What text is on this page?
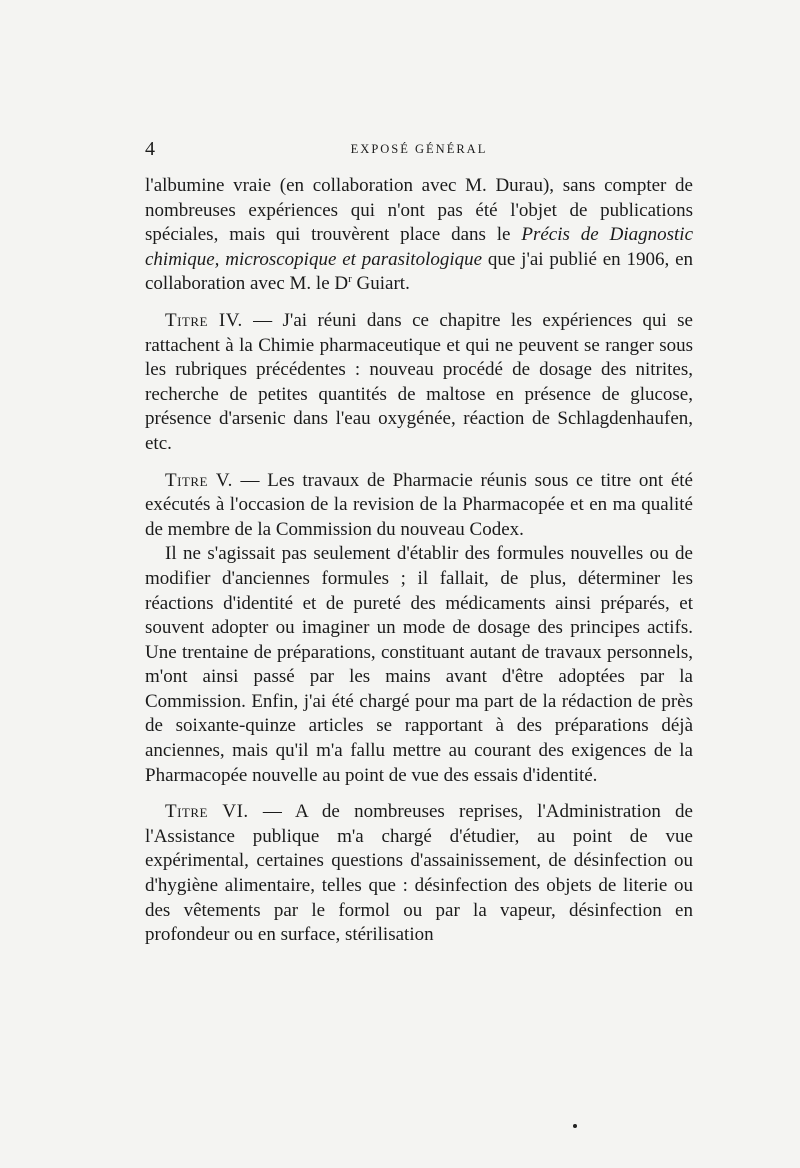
4	EXPOSÉ GÉNÉRAL

l'albumine vraie (en collaboration avec M. Durau), sans compter de nombreuses expériences qui n'ont pas été l'objet de publications spéciales, mais qui trouvèrent place dans le Précis de Diagnostic chimique, microscopique et parasitologique que j'ai publié en 1906, en collaboration avec M. le $D^r$ Guiart.

Titre IV. — J'ai réuni dans ce chapitre les expériences qui se rattachent à la Chimie pharmaceutique et qui ne peuvent se ranger sous les rubriques précédentes : nouveau procédé de dosage des nitrites, recherche de petites quantités de maltose en présence de glucose, présence d'arsenic dans l'eau oxygénée, réaction de Schlagdenhaufen, etc.

Titre V. — Les travaux de Pharmacie réunis sous ce titre ont été exécutés à l'occasion de la revision de la Pharmacopée et en ma qualité de membre de la Commission du nouveau Codex.

Il ne s'agissait pas seulement d'établir des formules nouvelles ou de modifier d'anciennes formules ; il fallait, de plus, déterminer les réactions d'identité et de pureté des médicaments ainsi préparés, et souvent adopter ou imaginer un mode de dosage des principes actifs. Une trentaine de préparations, constituant autant de travaux personnels, m'ont ainsi passé par les mains avant d'être adoptées par la Commission. Enfin, j'ai été chargé pour ma part de la rédaction de près de soixante-quinze articles se rapportant à des préparations déjà anciennes, mais qu'il m'a fallu mettre au courant des exigences de la Pharmacopée nouvelle au point de vue des essais d'identité.

Titre VI. — A de nombreuses reprises, l'Administration de l'Assistance publique m'a chargé d'étudier, au point de vue expérimental, certaines questions d'assainissement, de désinfection ou d'hygiène alimentaire, telles que : désinfection des objets de literie ou des vêtements par le formol ou par la vapeur, désinfection en profondeur ou en surface, stérilisation
